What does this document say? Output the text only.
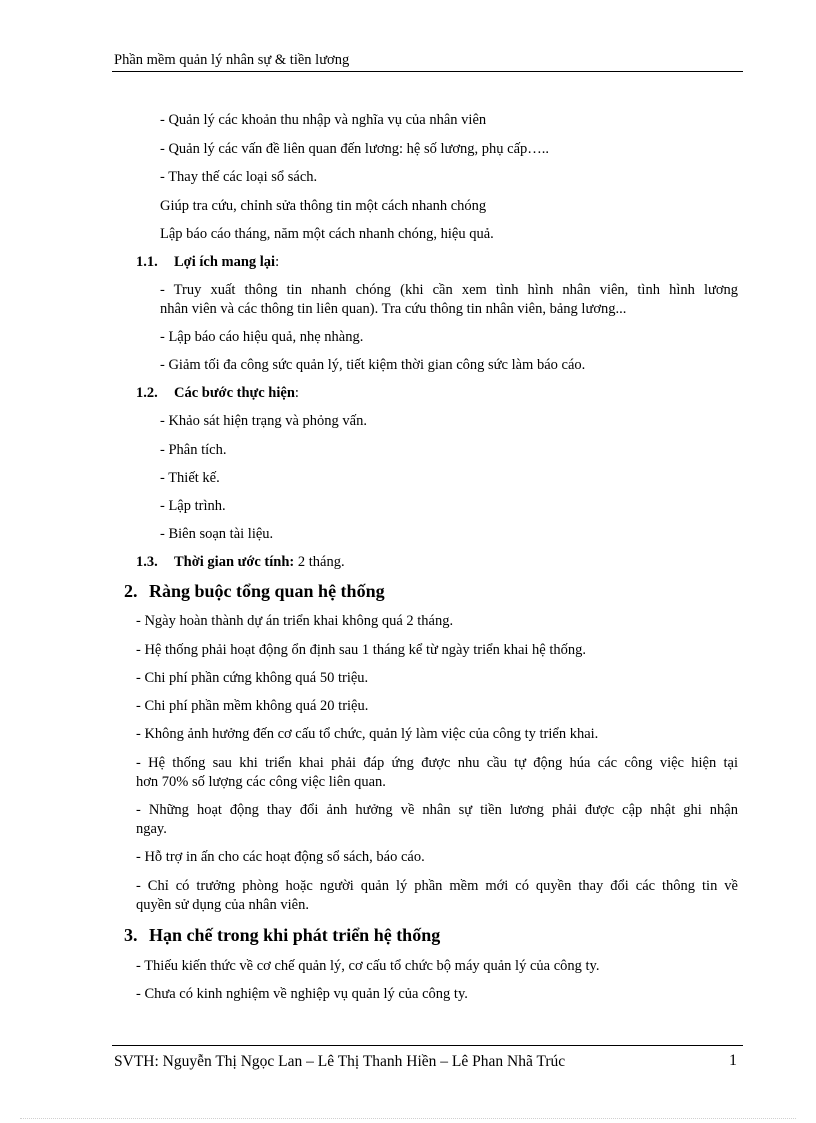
Phần mềm quản lý nhân sự & tiền lương
- Quản lý các khoản thu nhập và nghĩa vụ của nhân viên
- Quản lý các vấn đề liên quan đến lương: hệ số lương, phụ cấp…..
- Thay thế các loại sổ sách.
Giúp tra cứu, chỉnh sửa thông tin một cách nhanh chóng
Lập báo cáo tháng, năm một cách nhanh chóng, hiệu quả.
1.1. Lợi ích mang lại:
- Truy xuất thông tin nhanh chóng (khi cần xem tình hình nhân viên, tình hình lương
nhân viên và các thông tin liên quan). Tra cứu thông tin nhân viên, bảng lương...
- Lập báo cáo hiệu quả, nhẹ nhàng.
- Giảm tối đa công sức quản lý, tiết kiệm thời gian công sức làm báo cáo.
1.2. Các bước thực hiện:
- Khảo sát hiện trạng và phỏng vấn.
- Phân tích.
- Thiết kế.
- Lập trình.
- Biên soạn tài liệu.
1.3. Thời gian ước tính: 2 tháng.
2. Ràng buộc tổng quan hệ thống
- Ngày hoàn thành dự án triển khai không quá 2 tháng.
- Hệ thống phải hoạt động ổn định sau 1 tháng kể từ ngày triển khai hệ thống.
- Chi phí phần cứng không quá 50 triệu.
- Chi phí phần mềm không quá 20 triệu.
- Không ảnh hưởng đến cơ cấu tổ chức, quản lý làm việc của công ty triển khai.
- Hệ thống sau khi triển khai phải đáp ứng được nhu cầu tự động húa các công việc hiện tại
hơn 70% số lượng các công việc liên quan.
- Những hoạt động thay đổi ảnh hưởng về nhân sự tiền lương phải được cập nhật ghi nhận
ngay.
- Hỗ trợ in ấn cho các hoạt động sổ sách, báo cáo.
- Chỉ có trưởng phòng hoặc người quản lý phần mềm mới có quyền thay đổi các thông tin về
quyền sử dụng của nhân viên.
3. Hạn chế trong khi phát triển hệ thống
- Thiếu kiến thức về cơ chế quản lý, cơ cấu tổ chức bộ máy quản lý của công ty.
- Chưa có kinh nghiệm về nghiệp vụ quản lý của công ty.
SVTH: Nguyễn Thị Ngọc Lan – Lê Thị Thanh Hiền – Lê Phan Nhã Trúc	1
